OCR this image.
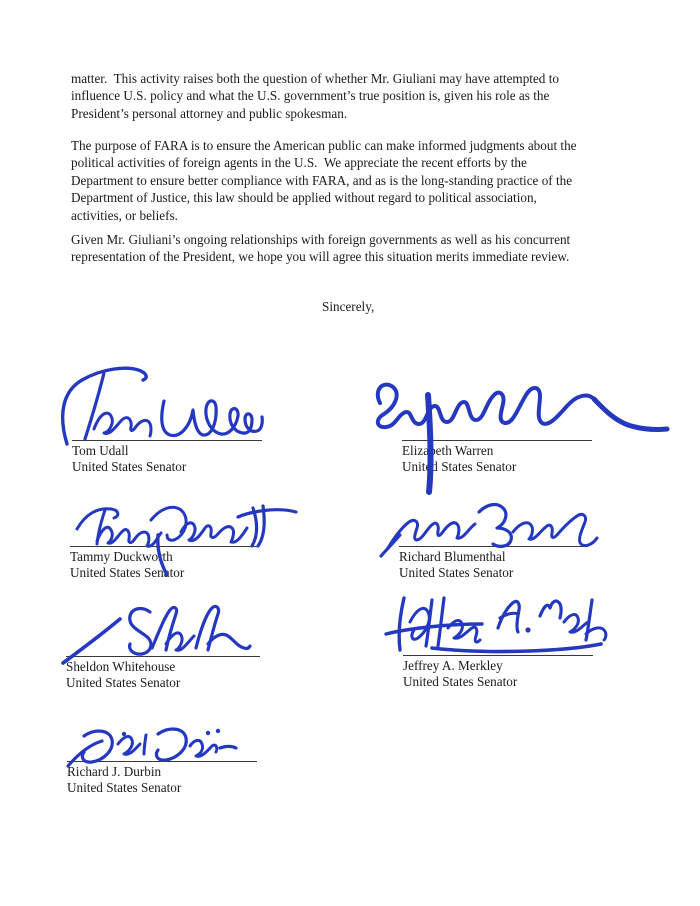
matter.  This activity raises both the question of whether Mr. Giuliani may have attempted to
influence U.S. policy and what the U.S. government’s true position is, given his role as the
President’s personal attorney and public spokesman.
The purpose of FARA is to ensure the American public can make informed judgments about the
political activities of foreign agents in the U.S.  We appreciate the recent efforts by the
Department to ensure better compliance with FARA, and as is the long-standing practice of the
Department of Justice, this law should be applied without regard to political association,
activities, or beliefs.
Given Mr. Giuliani’s ongoing relationships with foreign governments as well as his concurrent
representation of the President, we hope you will agree this situation merits immediate review.
Sincerely,
Tom Udall
United States Senator
Elizabeth Warren
United States Senator
Tammy Duckworth
United States Senator
Richard Blumenthal
United States Senator
Sheldon Whitehouse
United States Senator
Jeffrey A. Merkley
United States Senator
Richard J. Durbin
United States Senator
